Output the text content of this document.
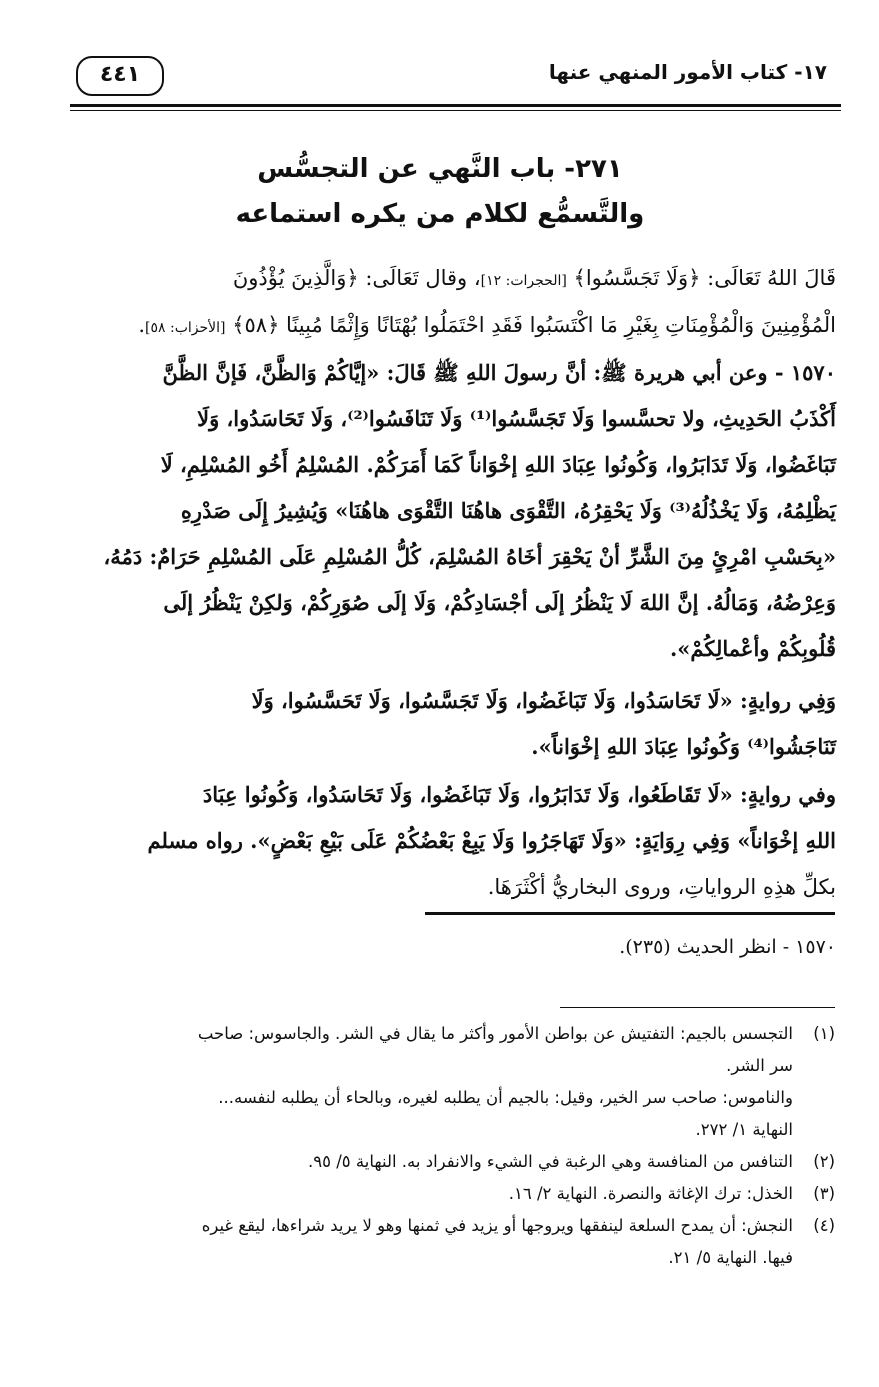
١٧- كتاب الأمور المنهي عنها
٤٤١
٢٧١- باب النَّهي عن التجسُّس
والتَّسمُّع لكلام من يكره استماعه
قَالَ اللهُ تَعَالَى: ﴿وَلَا تَجَسَّسُوا﴾ [الحجرات: ١٢]، وقال تَعَالَى: ﴿وَالَّذِينَ يُؤْذُونَ
الْمُؤْمِنِينَ وَالْمُؤْمِنَاتِ بِغَيْرِ مَا اكْتَسَبُوا فَقَدِ احْتَمَلُوا بُهْتَانًا وَإِثْمًا مُبِينًا ﴿٥٨﴾ [الأحزاب: ٥٨].
١٥٧٠ - وعن أبي هريرة ﷺ: أنَّ رسولَ اللهِ ﷺ قَالَ: «إيَّاكُمْ وَالظَّنَّ، فَإنَّ الظَّنَّ
أَكْذَبُ الحَدِيثِ، ولا تحسَّسوا وَلَا تَجَسَّسُوا⁽¹⁾ وَلَا تَنَافَسُوا⁽²⁾، وَلَا تَحَاسَدُوا، وَلَا
تَبَاغَضُوا، وَلَا تَدَابَرُوا، وَكُونُوا عِبَادَ اللهِ إخْوَاناً كَمَا أَمَرَكُمْ. المُسْلِمُ أَخُو المُسْلِمِ، لَا
يَظْلِمُهُ، وَلَا يَخْذُلُهُ⁽³⁾ وَلَا يَحْقِرُهُ، التَّقْوَى هاهُنَا التَّقْوَى هاهُنَا» وَيُشِيرُ إِلَى صَدْرِهِ
«بِحَسْبِ امْرِئٍ مِنَ الشَّرِّ أنْ يَحْقِرَ أخَاهُ المُسْلِمَ، كُلُّ المُسْلِمِ عَلَى المُسْلِمِ حَرَامٌ: دَمُهُ،
وَعِرْضُهُ، وَمَالُهُ. إنَّ اللهَ لَا يَنْظُرُ إلَى أجْسَادِكُمْ، وَلَا إلَى صُوَرِكُمْ، وَلكِنْ يَنْظُرُ إلَى
قُلُوبِكُمْ وأعْمالِكُمْ».
وَفِي روايةٍ: «لَا تَحَاسَدُوا، وَلَا تَبَاغَضُوا، وَلَا تَجَسَّسُوا، وَلَا تَحَسَّسُوا، وَلَا
تَنَاجَشُوا⁽⁴⁾ وَكُونُوا عِبَادَ اللهِ إخْوَاناً».
وفي روايةٍ: «لَا تَقَاطَعُوا، وَلَا تَدَابَرُوا، وَلَا تَبَاغَضُوا، وَلَا تَحَاسَدُوا، وَكُونُوا عِبَادَ
اللهِ إخْوَاناً» وَفِي رِوَايَةٍ: «وَلَا تَهَاجَرُوا وَلَا يَبِعْ بَعْضُكُمْ عَلَى بَيْعِ بَعْضٍ». رواه مسلم
بكلِّ هذِهِ الرواياتِ، وروى البخاريُّ أكْثَرَهَا.
١٥٧٠ - انظر الحديث (٢٣٥).
(١)
التجسس بالجيم: التفتيش عن بواطن الأمور وأكثر ما يقال في الشر. والجاسوس: صاحب
سر الشر.
والناموس: صاحب سر الخير، وقيل: بالجيم أن يطلبه لغيره، وبالحاء أن يطلبه لنفسه...
النهاية ١/ ٢٧٢.
(٢)
التنافس من المنافسة وهي الرغبة في الشيء والانفراد به. النهاية ٥/ ٩٥.
(٣)
الخذل: ترك الإغاثة والنصرة. النهاية ٢/ ١٦.
(٤)
النجش: أن يمدح السلعة لينفقها ويروجها أو يزيد في ثمنها وهو لا يريد شراءها، ليقع غيره
فيها. النهاية ٥/ ٢١.
